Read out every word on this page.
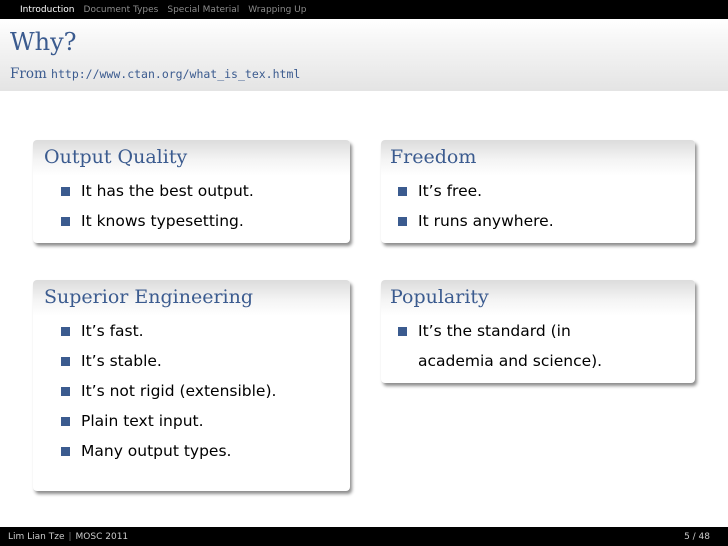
Introduction Document Types Special Material Wrapping Up
Why?
From http://www.ctan.org/what_is_tex.html
Output Quality
It has the best output.
It knows typesetting.
Freedom
It’s free.
It runs anywhere.
Superior Engineering
It’s fast.
It’s stable.
It’s not rigid (extensible).
Plain text input.
Many output types.
Popularity
It’s the standard (in academia and science).
Lim Lian Tze | MOSC 2011	5 / 48
